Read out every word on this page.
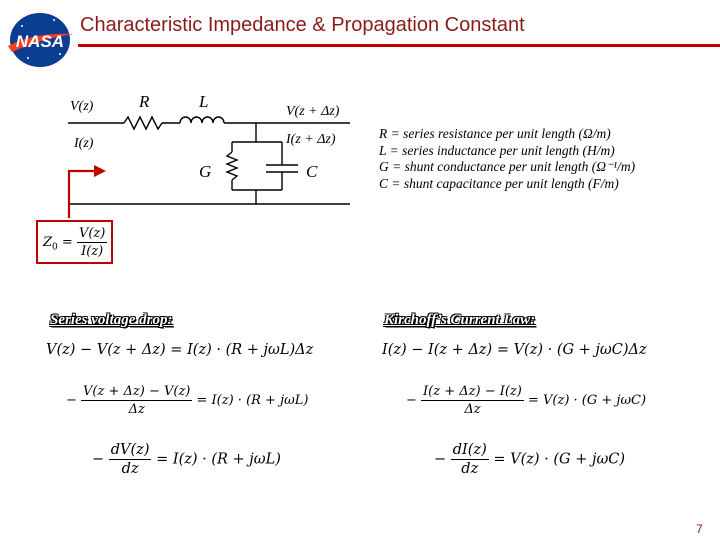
NASA
Characteristic Impedance & Propagation Constant
V(z)
I(z)
R	L
G	C
V(z + Δz)
I(z + Δz)
$Z_0 = \frac{V(z)}{I(z)}$
R = series resistance per unit length (Ω/m)
L = series inductance per unit length (H/m)
G = shunt conductance per unit length (Ω⁻¹/m)
C = shunt capacitance per unit length (F/m)
Series voltage drop:	Kirchoff’s Current Law:
V(z) − V(z + Δz) = I(z) · (R + jωL)Δz
− $\frac{V(z + \Delta z) - V(z)}{\Delta z} = I(z) \cdot (R + j\omega L)$
− $\frac{dV(z)}{dz} = I(z) \cdot (R + j\omega L)$
I(z) − I(z + Δz) = V(z) · (G + jωC)Δz
− $\frac{I(z + \Delta z) - I(z)}{\Delta z} = V(z) \cdot (G + j\omega C)$
− $\frac{dI(z)}{dz} = V(z) \cdot (G + j\omega C)$
7
